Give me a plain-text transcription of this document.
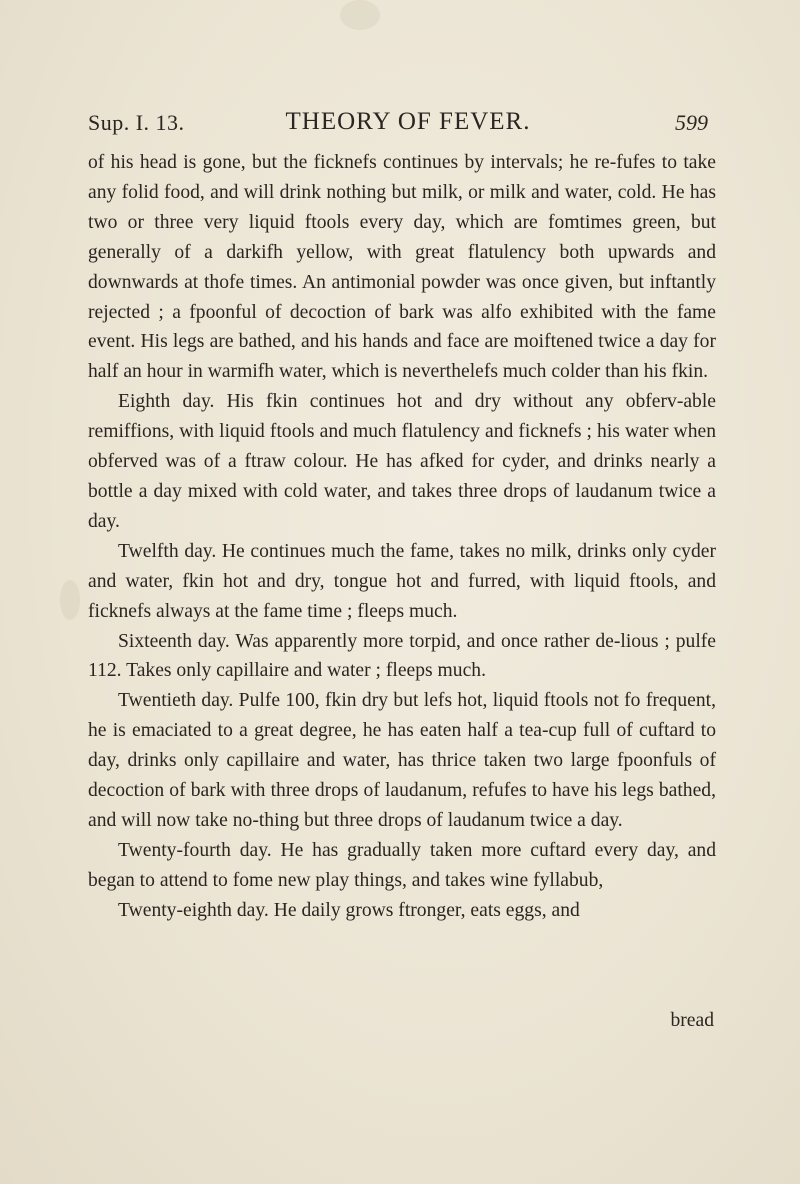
Sup. I. 13.	THEORY OF FEVER.	599

of his head is gone, but the ficknefs continues by intervals; he re-fufes to take any folid food, and will drink nothing but milk, or milk and water, cold. He has two or three very liquid ftools every day, which are fomtimes green, but generally of a darkifh yellow, with great flatulency both upwards and downwards at thofe times. An antimonial powder was once given, but inftantly rejected ; a fpoonful of decoction of bark was alfo exhibited with the fame event. His legs are bathed, and his hands and face are moiftened twice a day for half an hour in warmifh water, which is neverthelefs much colder than his fkin.

Eighth day. His fkin continues hot and dry without any obferv-able remiffions, with liquid ftools and much flatulency and ficknefs ; his water when obferved was of a ftraw colour. He has afked for cyder, and drinks nearly a bottle a day mixed with cold water, and takes three drops of laudanum twice a day.

Twelfth day. He continues much the fame, takes no milk, drinks only cyder and water, fkin hot and dry, tongue hot and furred, with liquid ftools, and ficknefs always at the fame time ; fleeps much.

Sixteenth day. Was apparently more torpid, and once rather de-lious ; pulfe 112. Takes only capillaire and water ; fleeps much.

Twentieth day. Pulfe 100, fkin dry but lefs hot, liquid ftools not fo frequent, he is emaciated to a great degree, he has eaten half a tea-cup full of cuftard to day, drinks only capillaire and water, has thrice taken two large fpoonfuls of decoction of bark with three drops of laudanum, refufes to have his legs bathed, and will now take no-thing but three drops of laudanum twice a day.

Twenty-fourth day. He has gradually taken more cuftard every day, and began to attend to fome new play things, and takes wine fyllabub,

Twenty-eighth day. He daily grows ftronger, eats eggs, and

bread
